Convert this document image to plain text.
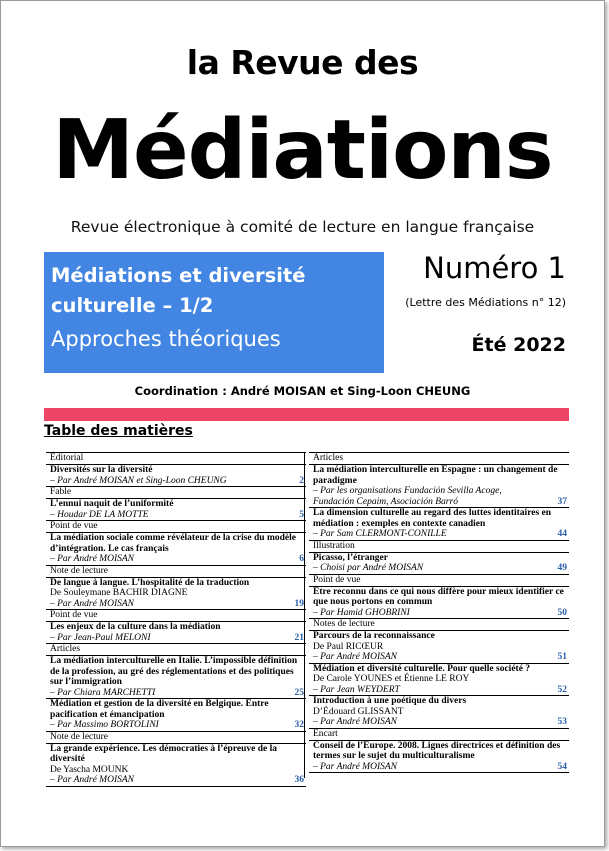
la Revue des
Médiations
Revue électronique à comité de lecture en langue française
Médiations et diversité culturelle – 1/2
Approches théoriques
Numéro 1
(Lettre des Médiations n° 12)
Été 2022
Coordination : André MOISAN et Sing-Loon CHEUNG
Table des matières
Éditorial
Diversités sur la diversité
– Par André MOISAN et Sing-Loon CHEUNG	2
Fable
L’ennui naquit de l’uniformité
– Houdar DE LA MOTTE	5
Point de vue
La médiation sociale comme révélateur de la crise du modèle d’intégration. Le cas français
– Par André MOISAN	6
Note de lecture
De langue à langue. L’hospitalité de la traduction
De Souleymane BACHIR DIAGNE
– Par André MOISAN	19
Point de vue
Les enjeux de la culture dans la médiation
– Par Jean-Paul MELONI	21
Articles
La médiation interculturelle en Italie. L’impossible définition de la profession, au gré des réglementations et des politiques sur l’immigration
– Par Chiara MARCHETTI	25
Médiation et gestion de la diversité en Belgique. Entre pacification et émancipation
– Par Massimo BORTOLINI	32
Note de lecture
La grande expérience. Les démocraties à l’épreuve de la diversité
De Yascha MOUNK
– Par André MOISAN	36
Articles
La médiation interculturelle en Espagne : un changement de paradigme
– Par les organisations Fundación Sevilla Acoge, Fundación Cepaim, Asociación Barró	37
La dimension culturelle au regard des luttes identitaires en médiation : exemples en contexte canadien
– Par Sam CLERMONT-CONILLE	44
Illustration
Picasso, l’étranger
– Choisi par André MOISAN	49
Point de vue
Être reconnu dans ce qui nous diffère pour mieux identifier ce que nous portons en commun
– Par Hamid GHOBRINI	50
Notes de lecture
Parcours de la reconnaissance
De Paul RICŒUR
– Par André MOISAN	51
Médiation et diversité culturelle. Pour quelle société ?
De Carole YOUNES et Étienne LE ROY
– Par Jean WEYDERT	52
Introduction à une poétique du divers
D’Édouard GLISSANT
– Par André MOISAN	53
Encart
Conseil de l’Europe. 2008. Lignes directrices et définition des termes sur le sujet du multiculturalisme
– Par André MOISAN	54
